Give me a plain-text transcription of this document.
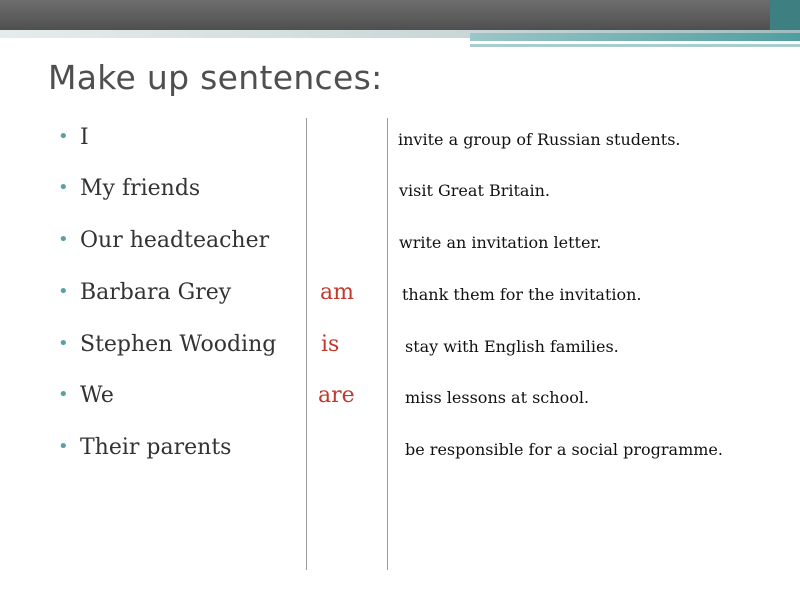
Make up sentences:
• I
• My friends
• Our headteacher
• Barbara Grey
• Stephen Wooding
• We
• Their parents
am
is
are
invite a group of Russian students.
visit Great Britain.
write an invitation letter.
thank them for the invitation.
stay with English families.
miss lessons at school.
be responsible for a social programme.
